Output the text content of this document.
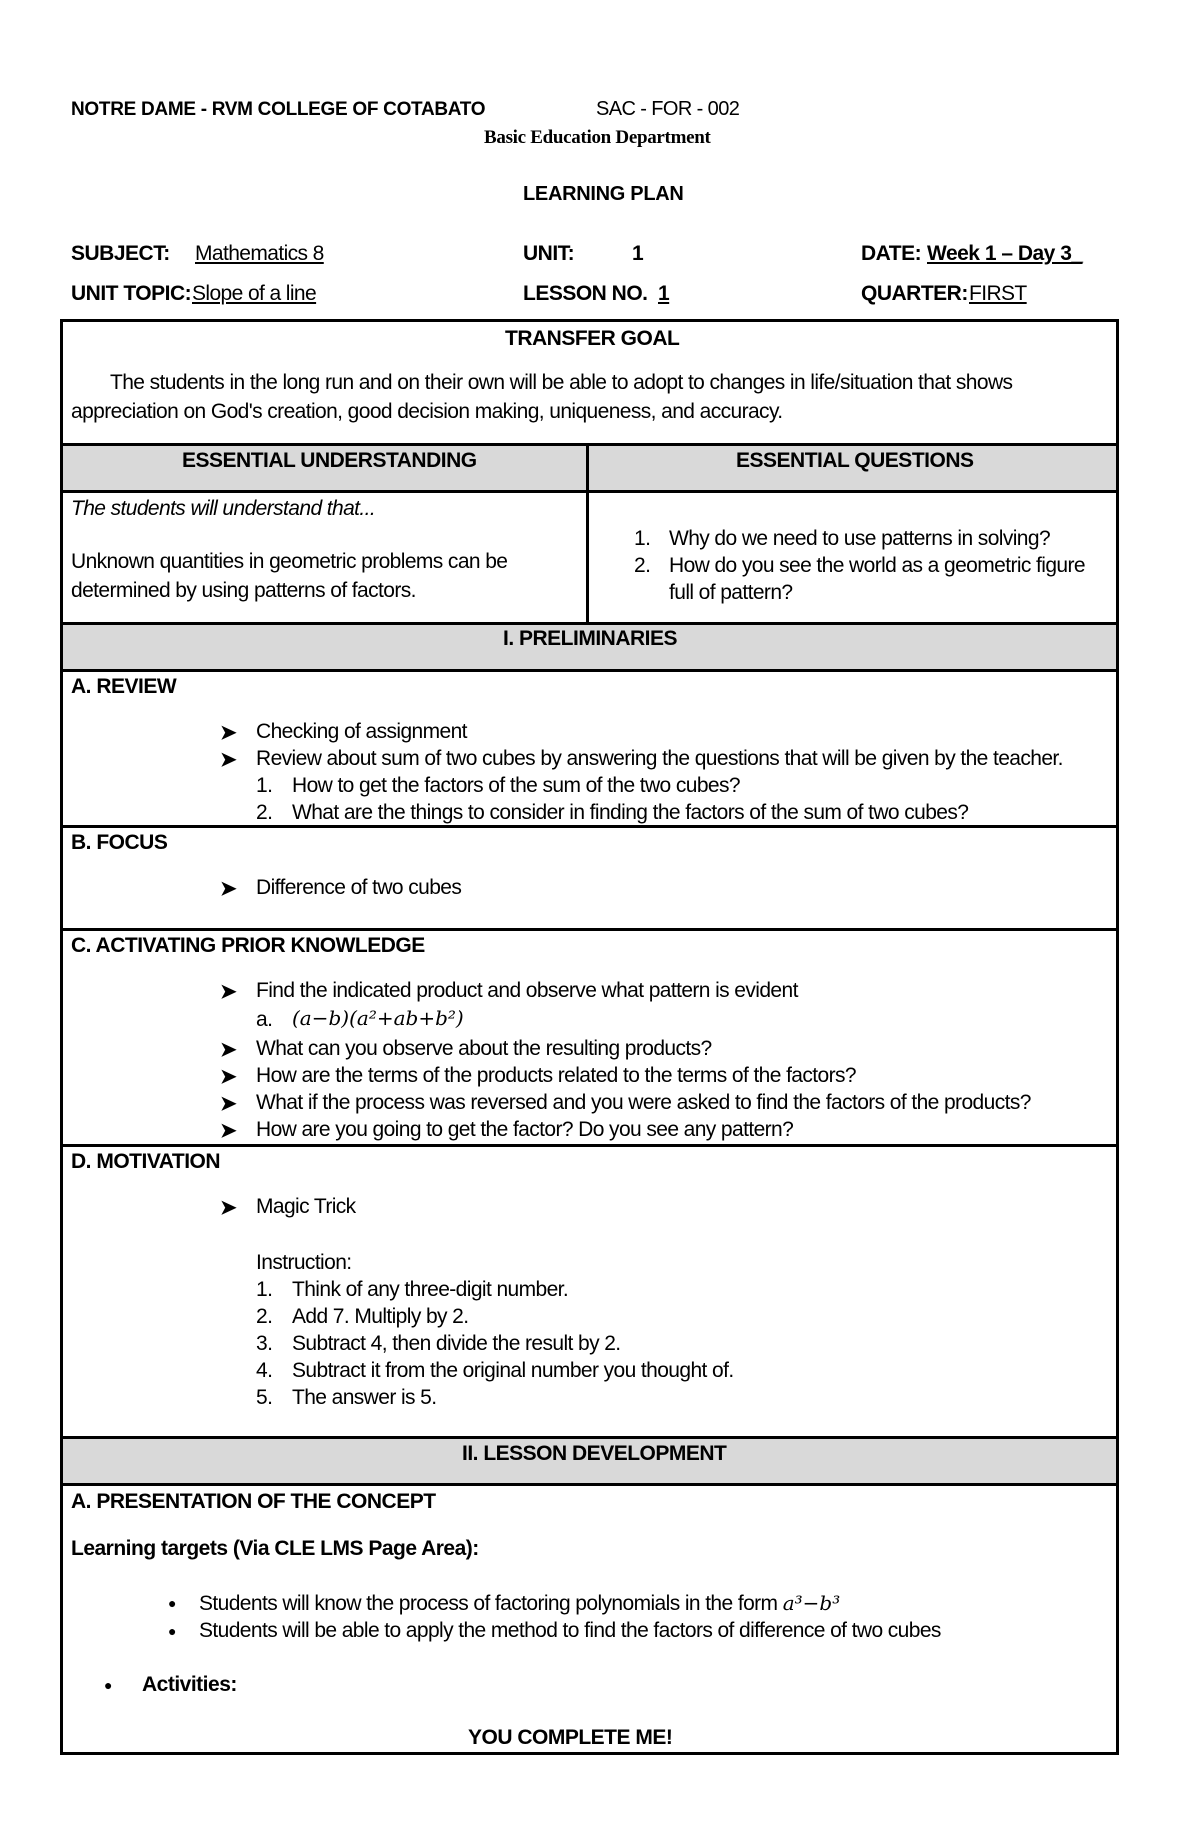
NOTRE DAME - RVM COLLEGE OF COTABATO	SAC - FOR - 002
Basic Education Department
LEARNING PLAN
SUBJECT: Mathematics 8	UNIT:	1	DATE: Week 1 – Day 3_
UNIT TOPIC: Slope of a line	LESSON NO. 1	QUARTER: FIRST
TRANSFER GOAL
The students in the long run and on their own will be able to adopt to changes in life/situation that shows
appreciation on God's creation, good decision making, uniqueness, and accuracy.
ESSENTIAL UNDERSTANDING	ESSENTIAL QUESTIONS
The students will understand that...
Unknown quantities in geometric problems can be
determined by using patterns of factors.
1. Why do we need to use patterns in solving?
2. How do you see the world as a geometric figure
full of pattern?
I. PRELIMINARIES
A. REVIEW
➤ Checking of assignment
➤ Review about sum of two cubes by answering the questions that will be given by the teacher.
1. How to get the factors of the sum of the two cubes?
2. What are the things to consider in finding the factors of the sum of two cubes?
B. FOCUS
➤ Difference of two cubes
C. ACTIVATING PRIOR KNOWLEDGE
➤ Find the indicated product and observe what pattern is evident
a. (a−b)(a²+ab+b²)
➤ What can you observe about the resulting products?
➤ How are the terms of the products related to the terms of the factors?
➤ What if the process was reversed and you were asked to find the factors of the products?
➤ How are you going to get the factor? Do you see any pattern?
D. MOTIVATION
➤ Magic Trick
Instruction:
1. Think of any three-digit number.
2. Add 7. Multiply by 2.
3. Subtract 4, then divide the result by 2.
4. Subtract it from the original number you thought of.
5. The answer is 5.
II. LESSON DEVELOPMENT
A. PRESENTATION OF THE CONCEPT
Learning targets (Via CLE LMS Page Area):
● Students will know the process of factoring polynomials in the form a³−b³
● Students will be able to apply the method to find the factors of difference of two cubes
● Activities:
YOU COMPLETE ME!
